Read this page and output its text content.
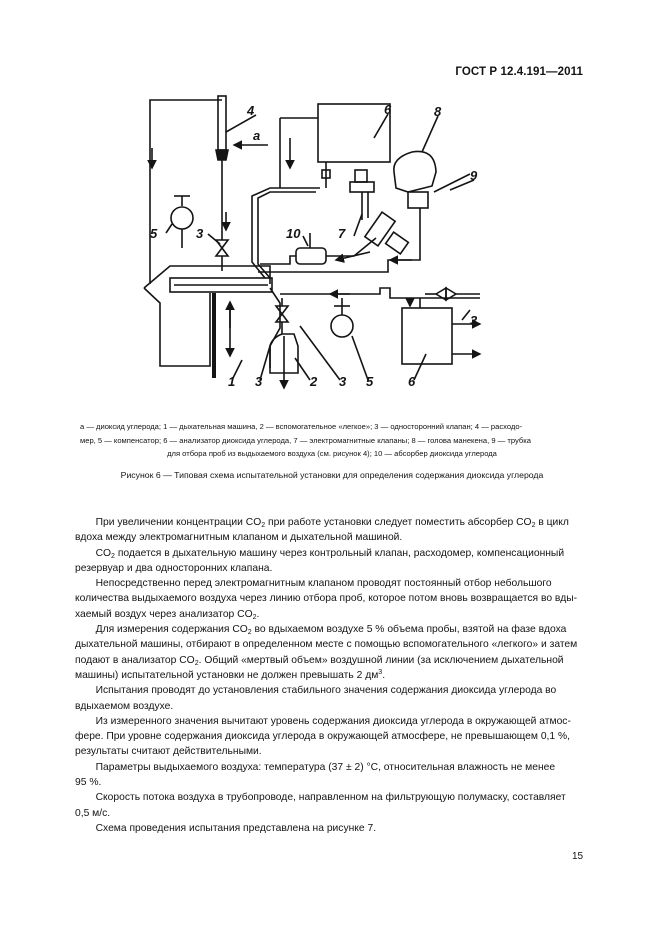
ГОСТ Р 12.4.191—2011
4
a
6	8
9
5	3	10	7
1 3	2 3 5	6
3
a — диоксид углерода; 1 — дыхательная машина, 2 — вспомогательное «легкое»; 3 — односторонний клапан; 4 — расходо-
мер, 5 — компенсатор; 6 — анализатор диоксида углерода, 7 — электромагнитные клапаны; 8 — голова манекена, 9 — трубка
для отбора проб из выдыхаемого воздуха (см. рисунок 4); 10 — абсорбер диоксида углерода
Рисунок 6 — Типовая схема испытательной установки для определения содержания диоксида углерода

  При увеличении концентрации $CO_2$ при работе установки следует поместить абсорбер $CO_2$ в цикл

вдоха между электромагнитным клапаном и дыхательной машиной.

  $CO_2$ подается в дыхательную машину через контрольный клапан, расходомер, компенсационный

резервуар и два односторонних клапана.

  Непосредственно перед электромагнитным клапаном проводят постоянный отбор небольшого

количества выдыхаемого воздуха через линию отбора проб, которое потом вновь возвращается во вды-

хаемый воздух через анализатор $CO_2$.

  Для измерения содержания $CO_2$ во вдыхаемом воздухе 5 % объема пробы, взятой на фазе вдоха

дыхательной машины, отбирают в определенном месте с помощью вспомогательного «легкого» и затем

подают в анализатор $CO_2$. Общий «мертвый объем» воздушной линии (за исключением дыхательной

машины) испытательной установки не должен превышать 2 $дм^3$.

  Испытания проводят до установления стабильного значения содержания диоксида углерода во

вдыхаемом воздухе.

  Из измеренного значения вычитают уровень содержания диоксида углерода в окружающей атмос-

фере. При уровне содержания диоксида углерода в окружающей атмосфере, не превышающем 0,1 %,

результаты считают действительными.

  Параметры выдыхаемого воздуха: температура (37 ± 2) °С, относительная влажность не менее

95 %.

  Скорость потока воздуха в трубопроводе, направленном на фильтрующую полумаску, составляет

0,5 м/с.

  Схема проведения испытания представлена на рисунке 7.

15
